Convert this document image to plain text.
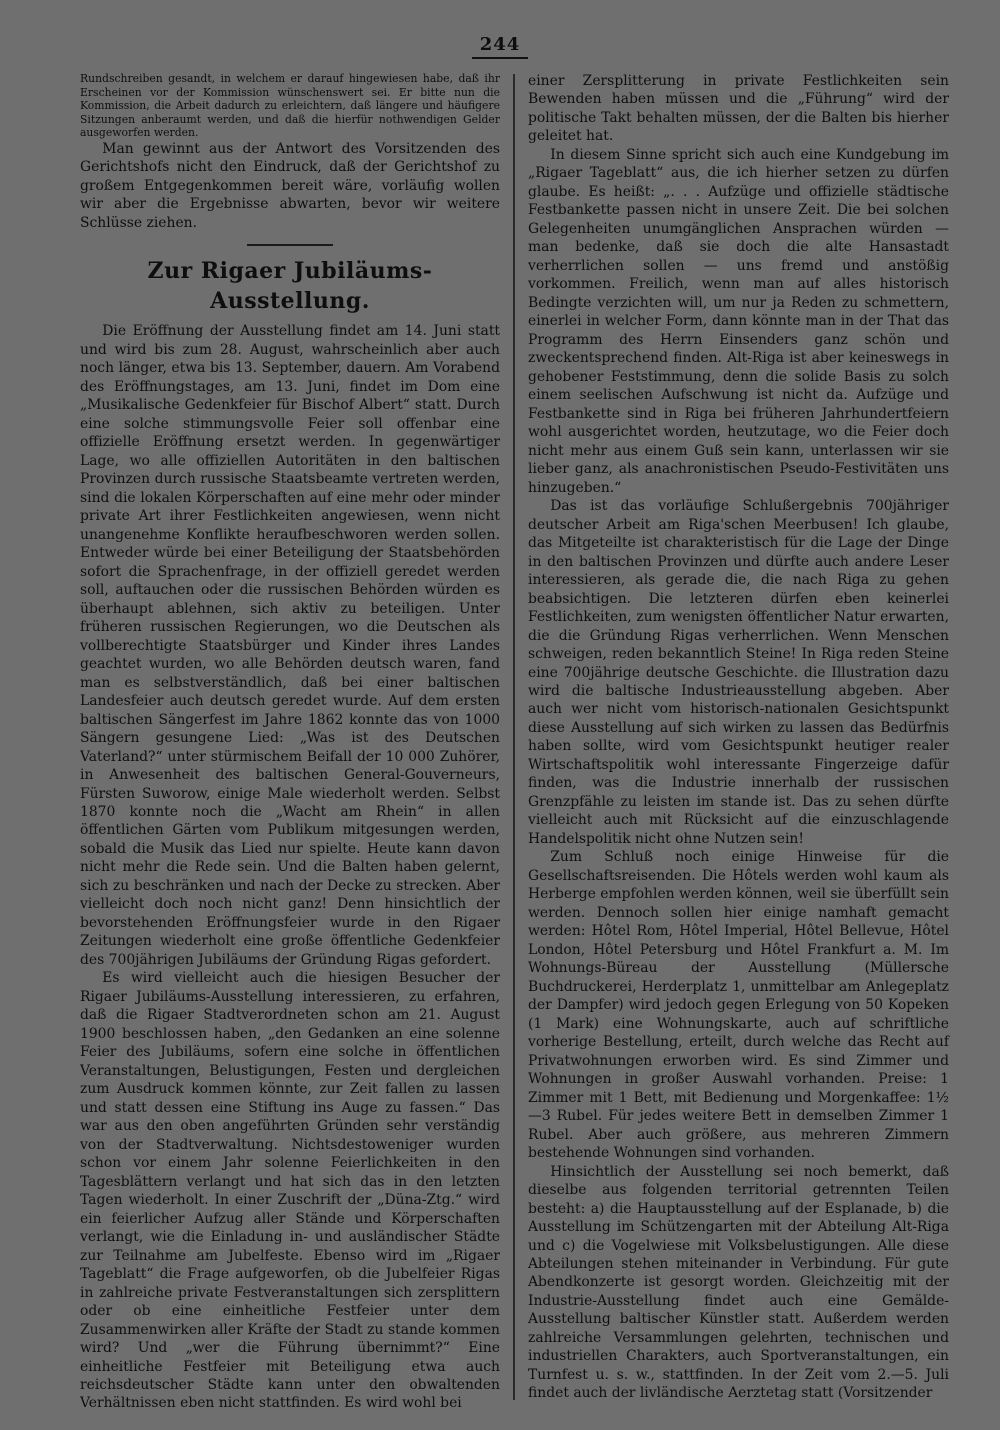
244

Rundschreiben gesandt, in welchem er darauf hingewiesen habe, daß ihr Erscheinen vor der Kommission wünschenswert sei. Er bitte nun die Kommission, die Arbeit dadurch zu erleichtern, daß längere und häufigere Sitzungen anberaumt werden, und daß die hierfür nothwendigen Gelder ausgeworfen werden.

Man gewinnt aus der Antwort des Vorsitzenden des Gerichtshofs nicht den Eindruck, daß der Gerichtshof zu großem Entgegenkommen bereit wäre, vorläufig wollen wir aber die Ergebnisse abwarten, bevor wir weitere Schlüsse ziehen.

Zur Rigaer Jubiläums-Ausstellung.

Die Eröffnung der Ausstellung findet am 14. Juni statt und wird bis zum 28. August, wahrscheinlich aber auch noch länger, etwa bis 13. September, dauern. Am Vorabend des Eröffnungstages, am 13. Juni, findet im Dom eine „Musikalische Gedenkfeier für Bischof Albert“ statt. Durch eine solche stimmungsvolle Feier soll offenbar eine offizielle Eröffnung ersetzt werden. In gegenwärtiger Lage, wo alle offiziellen Autoritäten in den baltischen Provinzen durch russische Staatsbeamte vertreten werden, sind die lokalen Körperschaften auf eine mehr oder minder private Art ihrer Festlichkeiten angewiesen, wenn nicht unangenehme Konflikte heraufbeschworen werden sollen. Entweder würde bei einer Beteiligung der Staatsbehörden sofort die Sprachenfrage, in der offiziell geredet werden soll, auftauchen oder die russischen Behörden würden es überhaupt ablehnen, sich aktiv zu beteiligen. Unter früheren russischen Regierungen, wo die Deutschen als vollberechtigte Staatsbürger und Kinder ihres Landes geachtet wurden, wo alle Behörden deutsch waren, fand man es selbstverständlich, daß bei einer baltischen Landesfeier auch deutsch geredet wurde. Auf dem ersten baltischen Sängerfest im Jahre 1862 konnte das von 1000 Sängern gesungene Lied: „Was ist des Deutschen Vaterland?“ unter stürmischem Beifall der 10 000 Zuhörer, in Anwesenheit des baltischen General-Gouverneurs, Fürsten Suworow, einige Male wiederholt werden. Selbst 1870 konnte noch die „Wacht am Rhein“ in allen öffentlichen Gärten vom Publikum mitgesungen werden, sobald die Musik das Lied nur spielte. Heute kann davon nicht mehr die Rede sein. Und die Balten haben gelernt, sich zu beschränken und nach der Decke zu strecken. Aber vielleicht doch noch nicht ganz! Denn hinsichtlich der bevorstehenden Eröffnungsfeier wurde in den Rigaer Zeitungen wiederholt eine große öffentliche Gedenkfeier des 700jährigen Jubiläums der Gründung Rigas gefordert.

Es wird vielleicht auch die hiesigen Besucher der Rigaer Jubiläums-Ausstellung interessieren, zu erfahren, daß die Rigaer Stadtverordneten schon am 21. August 1900 beschlossen haben, „den Gedanken an eine solenne Feier des Jubiläums, sofern eine solche in öffentlichen Veranstaltungen, Belustigungen, Festen und dergleichen zum Ausdruck kommen könnte, zur Zeit fallen zu lassen und statt dessen eine Stiftung ins Auge zu fassen.“ Das war aus den oben angeführten Gründen sehr verständig von der Stadtverwaltung. Nichtsdestoweniger wurden schon vor einem Jahr solenne Feierlichkeiten in den Tagesblättern verlangt und hat sich das in den letzten Tagen wiederholt. In einer Zuschrift der „Düna-Ztg.“ wird ein feierlicher Aufzug aller Stände und Körperschaften verlangt, wie die Einladung in- und ausländischer Städte zur Teilnahme am Jubelfeste. Ebenso wird im „Rigaer Tageblatt“ die Frage aufgeworfen, ob die Jubelfeier Rigas in zahlreiche private Festveranstaltungen sich zersplittern oder ob eine einheitliche Festfeier unter dem Zusammenwirken aller Kräfte der Stadt zu stande kommen wird? Und „wer die Führung übernimmt?“ Eine einheitliche Festfeier mit Beteiligung etwa auch reichsdeutscher Städte kann unter den obwaltenden Verhältnissen eben nicht stattfinden. Es wird wohl bei

einer Zersplitterung in private Festlichkeiten sein Bewenden haben müssen und die „Führung“ wird der politische Takt behalten müssen, der die Balten bis hierher geleitet hat.

In diesem Sinne spricht sich auch eine Kundgebung im „Rigaer Tageblatt“ aus, die ich hierher setzen zu dürfen glaube. Es heißt: „. . . Aufzüge und offizielle städtische Festbankette passen nicht in unsere Zeit. Die bei solchen Gelegenheiten unumgänglichen Ansprachen würden — man bedenke, daß sie doch die alte Hansastadt verherrlichen sollen — uns fremd und anstößig vorkommen. Freilich, wenn man auf alles historisch Bedingte verzichten will, um nur ja Reden zu schmettern, einerlei in welcher Form, dann könnte man in der That das Programm des Herrn Einsenders ganz schön und zweckentsprechend finden. Alt-Riga ist aber keineswegs in gehobener Feststimmung, denn die solide Basis zu solch einem seelischen Aufschwung ist nicht da. Aufzüge und Festbankette sind in Riga bei früheren Jahrhundertfeiern wohl ausgerichtet worden, heutzutage, wo die Feier doch nicht mehr aus einem Guß sein kann, unterlassen wir sie lieber ganz, als anachronistischen Pseudo-Festivitäten uns hinzugeben.“

Das ist das vorläufige Schlußergebnis 700jähriger deutscher Arbeit am Riga'schen Meerbusen! Ich glaube, das Mitgeteilte ist charakteristisch für die Lage der Dinge in den baltischen Provinzen und dürfte auch andere Leser interessieren, als gerade die, die nach Riga zu gehen beabsichtigen. Die letzteren dürfen eben keinerlei Festlichkeiten, zum wenigsten öffentlicher Natur erwarten, die die Gründung Rigas verherrlichen. Wenn Menschen schweigen, reden bekanntlich Steine! In Riga reden Steine eine 700jährige deutsche Geschichte. die Illustration dazu wird die baltische Industrieausstellung abgeben. Aber auch wer nicht vom historisch-nationalen Gesichtspunkt diese Ausstellung auf sich wirken zu lassen das Bedürfnis haben sollte, wird vom Gesichtspunkt heutiger realer Wirtschaftspolitik wohl interessante Fingerzeige dafür finden, was die Industrie innerhalb der russischen Grenzpfähle zu leisten im stande ist. Das zu sehen dürfte vielleicht auch mit Rücksicht auf die einzuschlagende Handelspolitik nicht ohne Nutzen sein!

Zum Schluß noch einige Hinweise für die Gesellschaftsreisenden. Die Hôtels werden wohl kaum als Herberge empfohlen werden können, weil sie überfüllt sein werden. Dennoch sollen hier einige namhaft gemacht werden: Hôtel Rom, Hôtel Imperial, Hôtel Bellevue, Hôtel London, Hôtel Petersburg und Hôtel Frankfurt a. M. Im Wohnungs-Büreau der Ausstellung (Müllersche Buchdruckerei, Herderplatz 1, unmittelbar am Anlegeplatz der Dampfer) wird jedoch gegen Erlegung von 50 Kopeken (1 Mark) eine Wohnungskarte, auch auf schriftliche vorherige Bestellung, erteilt, durch welche das Recht auf Privatwohnungen erworben wird. Es sind Zimmer und Wohnungen in großer Auswahl vorhanden. Preise: 1 Zimmer mit 1 Bett, mit Bedienung und Morgenkaffee: 1½—3 Rubel. Für jedes weitere Bett in demselben Zimmer 1 Rubel. Aber auch größere, aus mehreren Zimmern bestehende Wohnungen sind vorhanden.

Hinsichtlich der Ausstellung sei noch bemerkt, daß dieselbe aus folgenden territorial getrennten Teilen besteht: a) die Hauptausstellung auf der Esplanade, b) die Ausstellung im Schützengarten mit der Abteilung Alt-Riga und c) die Vogelwiese mit Volksbelustigungen. Alle diese Abteilungen stehen miteinander in Verbindung. Für gute Abendkonzerte ist gesorgt worden. Gleichzeitig mit der Industrie-Ausstellung findet auch eine Gemälde-Ausstellung baltischer Künstler statt. Außerdem werden zahlreiche Versammlungen gelehrten, technischen und industriellen Charakters, auch Sportveranstaltungen, ein Turnfest u. s. w., stattfinden. In der Zeit vom 2.—5. Juli findet auch der livländische Aerztetag statt (Vorsitzender
